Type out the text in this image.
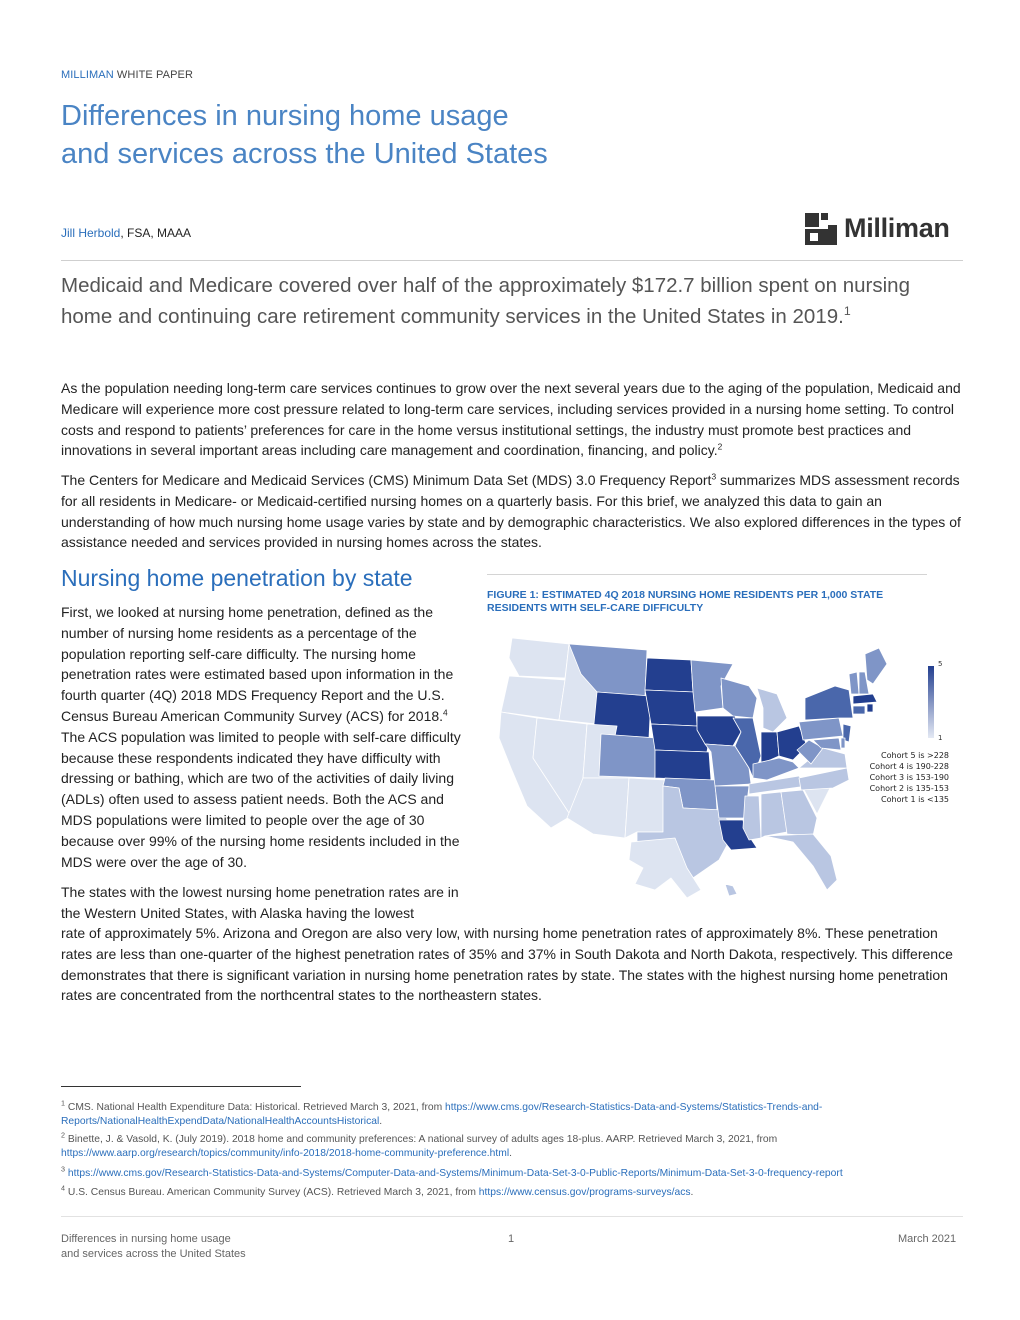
MILLIMAN WHITE PAPER
Differences in nursing home usage
and services across the United States
Jill Herbold, FSA, MAAA	Milliman

Medicaid and Medicare covered over half of the approximately $172.7 billion spent on nursing home and continuing care retirement community services in the United States in 2019.$^1$

As the population needing long-term care services continues to grow over the next several years due to the aging of the population, Medicaid and Medicare will experience more cost pressure related to long-term care services, including services provided in a nursing home setting. To control costs and respond to patients’ preferences for care in the home versus institutional settings, the industry must promote best practices and innovations in several important areas including care management and coordination, financing, and policy.$^2$

The Centers for Medicare and Medicaid Services (CMS) Minimum Data Set (MDS) 3.0 Frequency Report$^3$ summarizes MDS assessment records for all residents in Medicare- or Medicaid-certified nursing homes on a quarterly basis. For this brief, we analyzed this data to gain an understanding of how much nursing home usage varies by state and by demographic characteristics. We also explored differences in the types of assistance needed and services provided in nursing homes across the states.

Nursing home penetration by state

First, we looked at nursing home penetration, defined as the number of nursing home residents as a percentage of the population reporting self-care difficulty. The nursing home penetration rates were estimated based upon information in the fourth quarter (4Q) 2018 MDS Frequency Report and the U.S. Census Bureau American Community Survey (ACS) for 2018.$^4$ The ACS population was limited to people with self-care difficulty because these respondents indicated they have difficulty with dressing or bathing, which are two of the activities of daily living (ADLs) often used to assess patient needs. Both the ACS and MDS populations were limited to people over the age of 30 because over 99% of the nursing home residents included in the MDS were over the age of 30.

The states with the lowest nursing home penetration rates are in the Western United States, with Alaska having the lowest

rate of approximately 5%. Arizona and Oregon are also very low, with nursing home penetration rates of approximately 8%. These penetration rates are less than one-quarter of the highest penetration rates of 35% and 37% in South Dakota and North Dakota, respectively. This difference demonstrates that there is significant variation in nursing home penetration rates by state. The states with the highest nursing home penetration rates are concentrated from the northcentral states to the northeastern states.

FIGURE 1: ESTIMATED 4Q 2018 NURSING HOME RESIDENTS PER 1,000 STATE RESIDENTS WITH SELF-CARE DIFFICULTY

5
1
Cohort 5 is >228
Cohort 4 is 190-228
Cohort 3 is 153-190
Cohort 2 is 135-153
Cohort 1 is <135

$^1$ CMS. National Health Expenditure Data: Historical. Retrieved March 3, 2021, from https://www.cms.gov/Research-Statistics-Data-and-Systems/Statistics-Trends-and-Reports/NationalHealthExpendData/NationalHealthAccountsHistorical.

$^2$ Binette, J. & Vasold, K. (July 2019). 2018 home and community preferences: A national survey of adults ages 18-plus. AARP. Retrieved March 3, 2021, from https://www.aarp.org/research/topics/community/info-2018/2018-home-community-preference.html.

$^3$ https://www.cms.gov/Research-Statistics-Data-and-Systems/Computer-Data-and-Systems/Minimum-Data-Set-3-0-Public-Reports/Minimum-Data-Set-3-0-frequency-report

$^4$ U.S. Census Bureau. American Community Survey (ACS). Retrieved March 3, 2021, from https://www.census.gov/programs-surveys/acs.

Differences in nursing home usage
and services across the United States
1	March 2021
